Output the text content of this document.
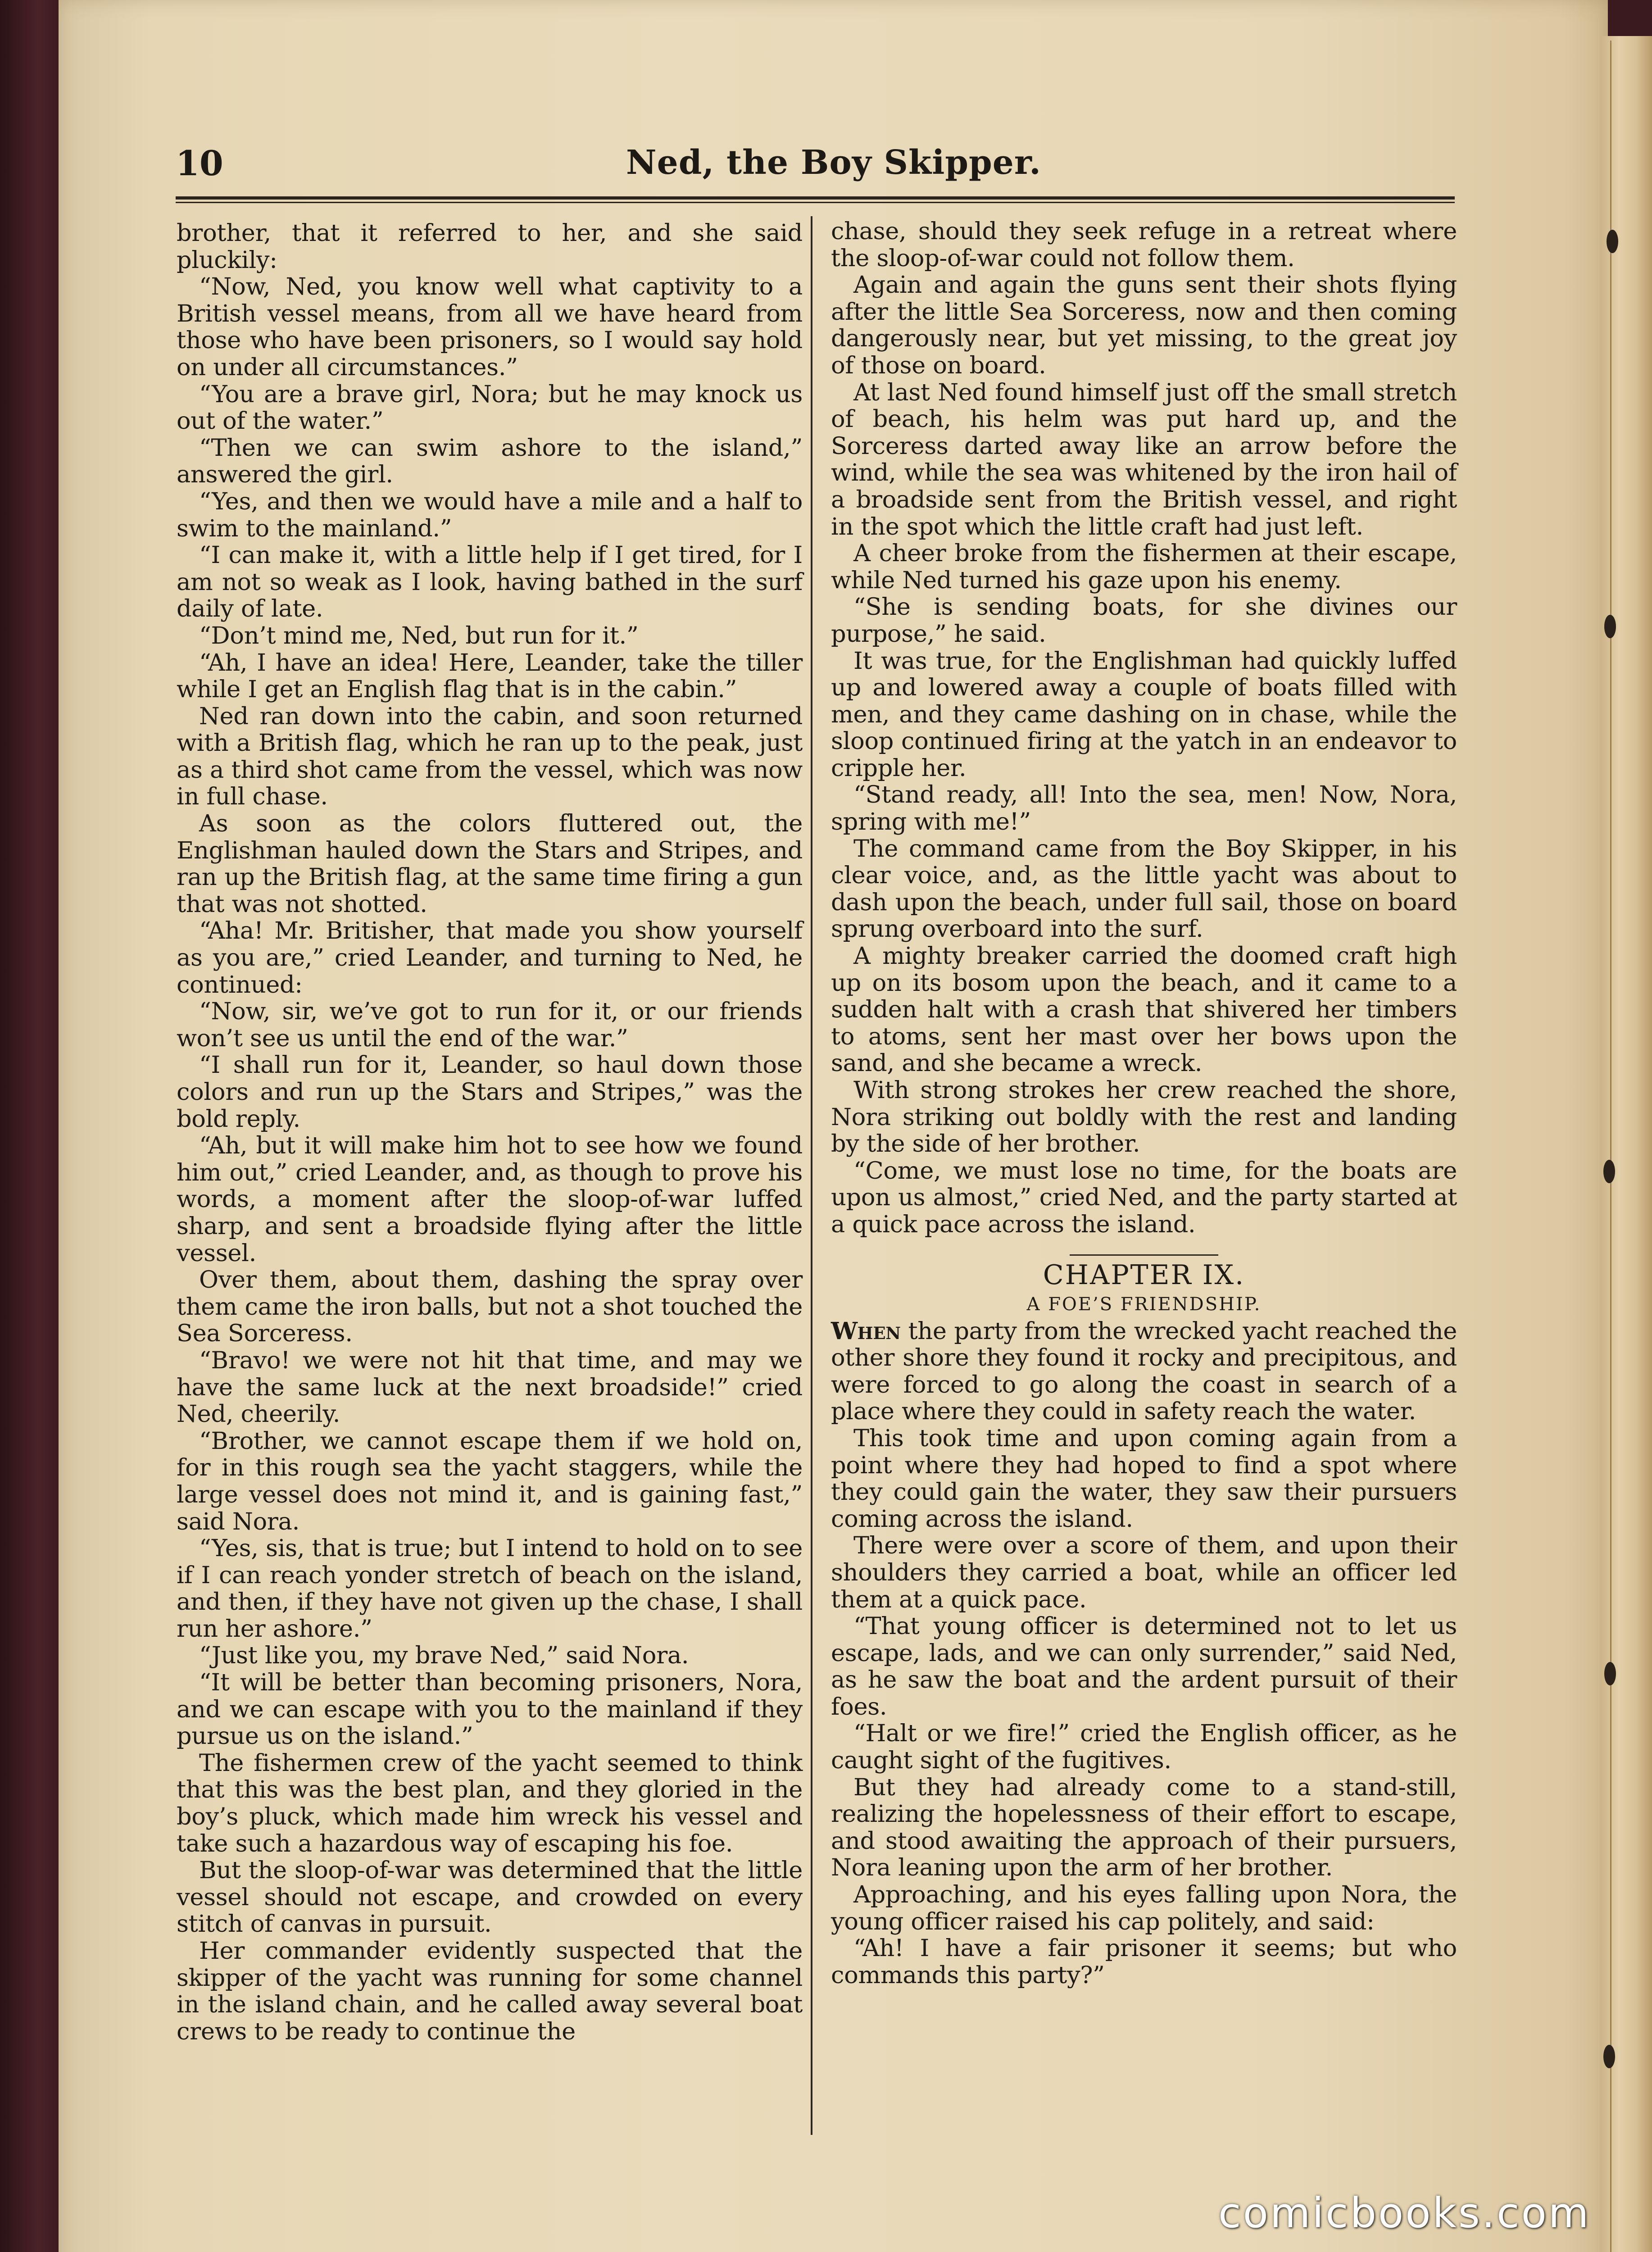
10	Ned, the Boy Skipper.

brother, that it referred to her, and she said pluckily:

“Now, Ned, you know well what captivity to a British vessel means, from all we have heard from those who have been prisoners, so I would say hold on under all circumstances.”

“You are a brave girl, Nora; but he may knock us out of the water.”

“Then we can swim ashore to the island,” answered the girl.

“Yes, and then we would have a mile and a half to swim to the mainland.”

“I can make it, with a little help if I get tired, for I am not so weak as I look, having bathed in the surf daily of late.

“Don’t mind me, Ned, but run for it.”

“Ah, I have an idea! Here, Leander, take the tiller while I get an English flag that is in the cabin.”

Ned ran down into the cabin, and soon returned with a British flag, which he ran up to the peak, just as a third shot came from the vessel, which was now in full chase.

As soon as the colors fluttered out, the Englishman hauled down the Stars and Stripes, and ran up the British flag, at the same time firing a gun that was not shotted.

“Aha! Mr. Britisher, that made you show yourself as you are,” cried Leander, and turning to Ned, he continued:

“Now, sir, we’ve got to run for it, or our friends won’t see us until the end of the war.”

“I shall run for it, Leander, so haul down those colors and run up the Stars and Stripes,” was the bold reply.

“Ah, but it will make him hot to see how we found him out,” cried Leander, and, as though to prove his words, a moment after the sloop-of-war luffed sharp, and sent a broadside flying after the little vessel.

Over them, about them, dashing the spray over them came the iron balls, but not a shot touched the Sea Sorceress.

“Bravo! we were not hit that time, and may we have the same luck at the next broadside!” cried Ned, cheerily.

“Brother, we cannot escape them if we hold on, for in this rough sea the yacht staggers, while the large vessel does not mind it, and is gaining fast,” said Nora.

“Yes, sis, that is true; but I intend to hold on to see if I can reach yonder stretch of beach on the island, and then, if they have not given up the chase, I shall run her ashore.”

“Just like you, my brave Ned,” said Nora.

“It will be better than becoming prisoners, Nora, and we can escape with you to the mainland if they pursue us on the island.”

The fishermen crew of the yacht seemed to think that this was the best plan, and they gloried in the boy’s pluck, which made him wreck his vessel and take such a hazardous way of escaping his foe.

But the sloop-of-war was determined that the little vessel should not escape, and crowded on every stitch of canvas in pursuit.

Her commander evidently suspected that the skipper of the yacht was running for some channel in the island chain, and he called away several boat crews to be ready to continue the

chase, should they seek refuge in a retreat where the sloop-of-war could not follow them.

Again and again the guns sent their shots flying after the little Sea Sorceress, now and then coming dangerously near, but yet missing, to the great joy of those on board.

At last Ned found himself just off the small stretch of beach, his helm was put hard up, and the Sorceress darted away like an arrow before the wind, while the sea was whitened by the iron hail of a broadside sent from the British vessel, and right in the spot which the little craft had just left.

A cheer broke from the fishermen at their escape, while Ned turned his gaze upon his enemy.

“She is sending boats, for she divines our purpose,” he said.

It was true, for the Englishman had quickly luffed up and lowered away a couple of boats filled with men, and they came dashing on in chase, while the sloop continued firing at the yatch in an endeavor to cripple her.

“Stand ready, all! Into the sea, men! Now, Nora, spring with me!”

The command came from the Boy Skipper, in his clear voice, and, as the little yacht was about to dash upon the beach, under full sail, those on board sprung overboard into the surf.

A mighty breaker carried the doomed craft high up on its bosom upon the beach, and it came to a sudden halt with a crash that shivered her timbers to atoms, sent her mast over her bows upon the sand, and she became a wreck.

With strong strokes her crew reached the shore, Nora striking out boldly with the rest and landing by the side of her brother.

“Come, we must lose no time, for the boats are upon us almost,” cried Ned, and the party started at a quick pace across the island.

CHAPTER IX.
A FOE’S FRIENDSHIP.

When the party from the wrecked yacht reached the other shore they found it rocky and precipitous, and were forced to go along the coast in search of a place where they could in safety reach the water.

This took time and upon coming again from a point where they had hoped to find a spot where they could gain the water, they saw their pursuers coming across the island.

There were over a score of them, and upon their shoulders they carried a boat, while an officer led them at a quick pace.

“That young officer is determined not to let us escape, lads, and we can only surrender,” said Ned, as he saw the boat and the ardent pursuit of their foes.

“Halt or we fire!” cried the English officer, as he caught sight of the fugitives.

But they had already come to a stand-still, realizing the hopelessness of their effort to escape, and stood awaiting the approach of their pursuers, Nora leaning upon the arm of her brother.

Approaching, and his eyes falling upon Nora, the young officer raised his cap politely, and said:

“Ah! I have a fair prisoner it seems; but who commands this party?”

comicbooks.com
